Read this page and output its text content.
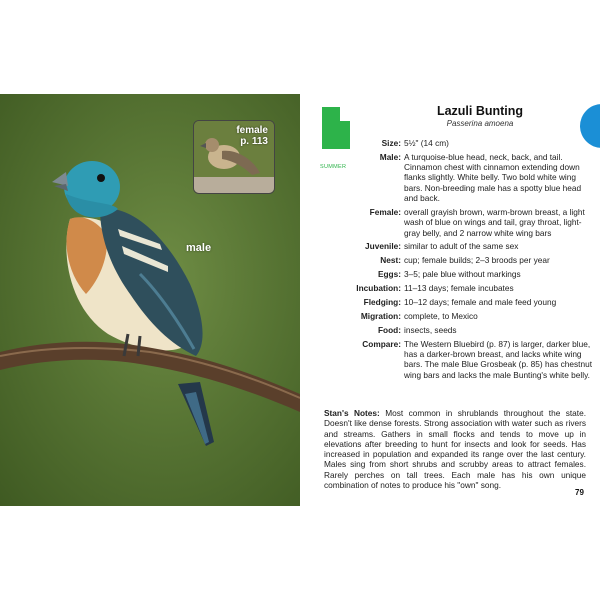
female
p. 113
male
SUMMER
Lazuli Bunting
Passerina amoena
Size: 5½" (14 cm)
Male: A turquoise-blue head, neck, back, and tail. Cinnamon chest with cinnamon extending down flanks slightly. White belly. Two bold white wing bars. Non-breeding male has a spotty blue head and back.
Female: overall grayish brown, warm-brown breast, a light wash of blue on wings and tail, gray throat, light-gray belly, and 2 narrow white wing bars
Juvenile: similar to adult of the same sex
Nest: cup; female builds; 2–3 broods per year
Eggs: 3–5; pale blue without markings
Incubation: 11–13 days; female incubates
Fledging: 10–12 days; female and male feed young
Migration: complete, to Mexico
Food: insects, seeds
Compare: The Western Bluebird (p. 87) is larger, darker blue, has a darker-brown breast, and lacks white wing bars. The male Blue Grosbeak (p. 85) has chestnut wing bars and lacks the male Bunting's white belly.
Stan's Notes: Most common in shrublands throughout the state. Doesn't like dense forests. Strong association with water such as rivers and streams. Gathers in small flocks and tends to move up in elevations after breeding to hunt for insects and look for seeds. Has increased in population and expanded its range over the last century. Males sing from short shrubs and scrubby areas to attract females. Rarely perches on tall trees. Each male has his own unique combination of notes to produce his "own" song.
79
